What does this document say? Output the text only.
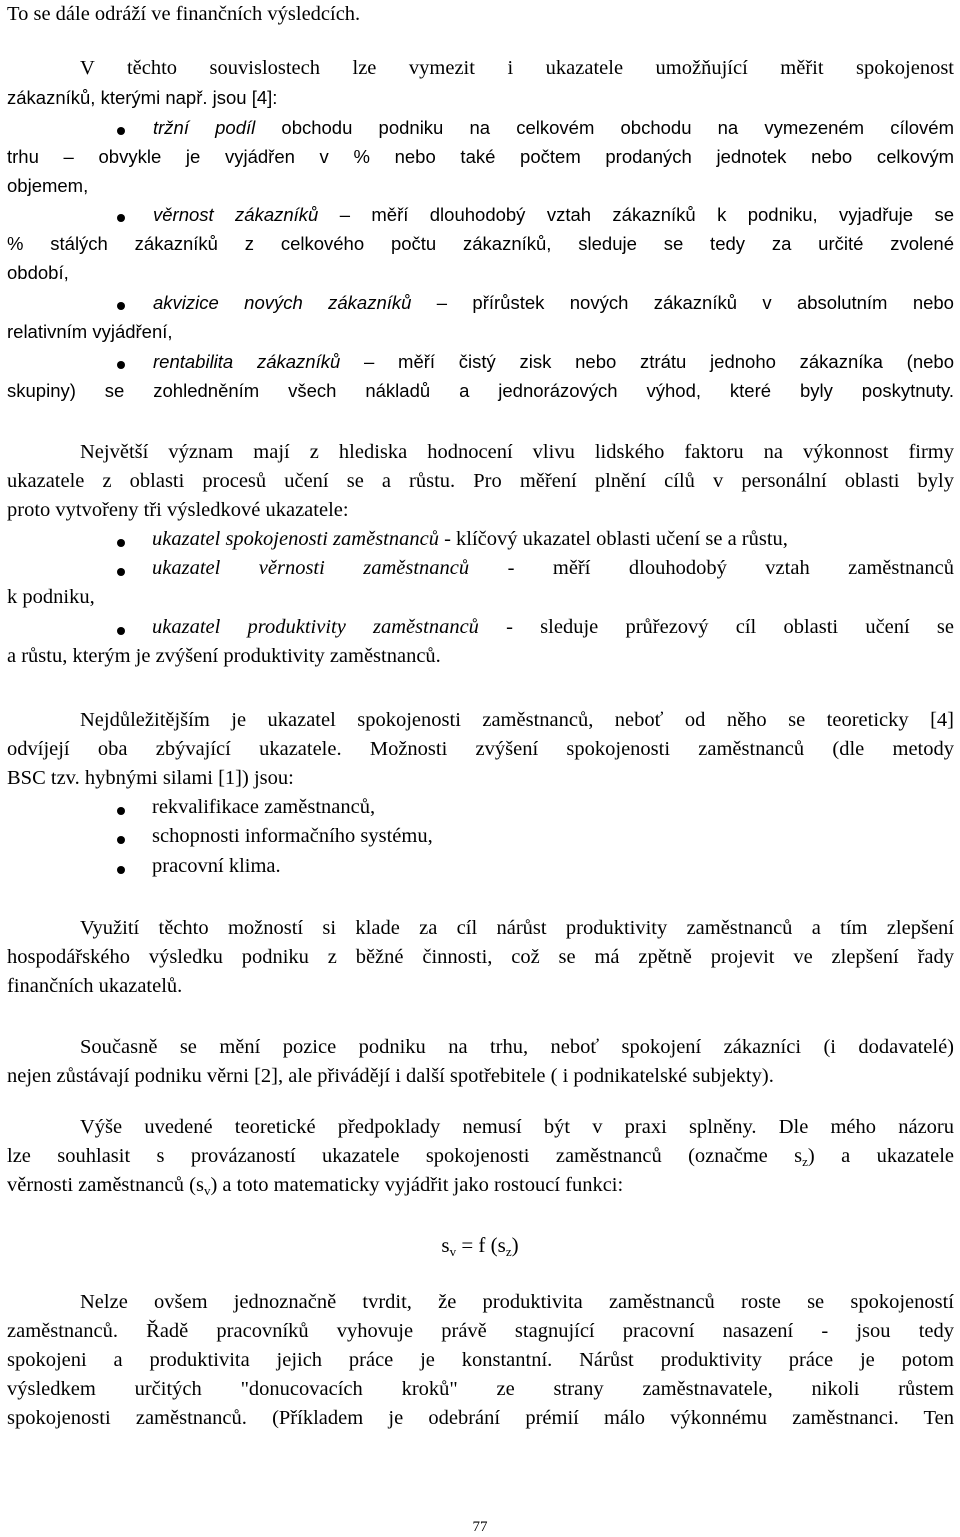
To se dále odráží ve finančních výsledcích.
V těchto souvislostech lze vymezit i ukazatele umožňující měřit spokojenost
zákazníků, kterými např. jsou [4]:
tržní podíl obchodu podniku na celkovém obchodu na vymezeném cílovém
trhu – obvykle je vyjádřen v % nebo také počtem prodaných jednotek nebo celkovým
objemem,
věrnost zákazníků – měří dlouhodobý vztah zákazníků k podniku, vyjadřuje se
% stálých zákazníků z celkového počtu zákazníků, sleduje se tedy za určité zvolené
období,
akvizice nových zákazníků – přírůstek nových zákazníků v absolutním nebo
relativním vyjádření,
rentabilita zákazníků – měří čistý zisk nebo ztrátu jednoho zákazníka (nebo
skupiny) se zohledněním všech nákladů a jednorázových výhod, které byly poskytnuty.
Největší význam mají z hlediska hodnocení vlivu lidského faktoru na výkonnost firmy
ukazatele z oblasti procesů učení se a růstu. Pro měření plnění cílů v personální oblasti byly
proto vytvořeny tři výsledkové ukazatele:
ukazatel spokojenosti zaměstnanců - klíčový ukazatel oblasti učení se a růstu,
ukazatel věrnosti zaměstnanců - měří dlouhodobý vztah zaměstnanců
k podniku,
ukazatel produktivity zaměstnanců - sleduje průřezový cíl oblasti učení se
a růstu, kterým je zvýšení produktivity zaměstnanců.
Nejdůležitějším je ukazatel spokojenosti zaměstnanců, neboť od něho se teoreticky [4]
odvíjejí oba zbývající ukazatele. Možnosti zvýšení spokojenosti zaměstnanců (dle metody
BSC tzv. hybnými silami [1]) jsou:
rekvalifikace zaměstnanců,
schopnosti informačního systému,
pracovní klima.
Využití těchto možností si klade za cíl nárůst produktivity zaměstnanců a tím zlepšení
hospodářského výsledku podniku z běžné činnosti, což se má zpětně projevit ve zlepšení řady
finančních ukazatelů.
Současně se mění pozice podniku na trhu, neboť spokojení zákazníci (i dodavatelé)
nejen zůstávají podniku věrni [2], ale přivádějí i další spotřebitele ( i podnikatelské subjekty).
Výše uvedené teoretické předpoklady nemusí být v praxi splněny. Dle mého názoru
lze souhlasit s provázaností ukazatele spokojenosti zaměstnanců (označme $s_z$) a ukazatele
věrnosti zaměstnanců $(s_v)$ a toto matematicky vyjádřit jako rostoucí funkci:
$s_v = f$ $(s_z)$
Nelze ovšem jednoznačně tvrdit, že produktivita zaměstnanců roste se spokojeností
zaměstnanců. Řadě pracovníků vyhovuje právě stagnující pracovní nasazení - jsou tedy
spokojeni a produktivita jejich práce je konstantní. Nárůst produktivity práce je potom
výsledkem určitých "donucovacích kroků" ze strany zaměstnavatele, nikoli růstem
spokojenosti zaměstnanců. (Příkladem je odebrání prémií málo výkonnému zaměstnanci. Ten
77
